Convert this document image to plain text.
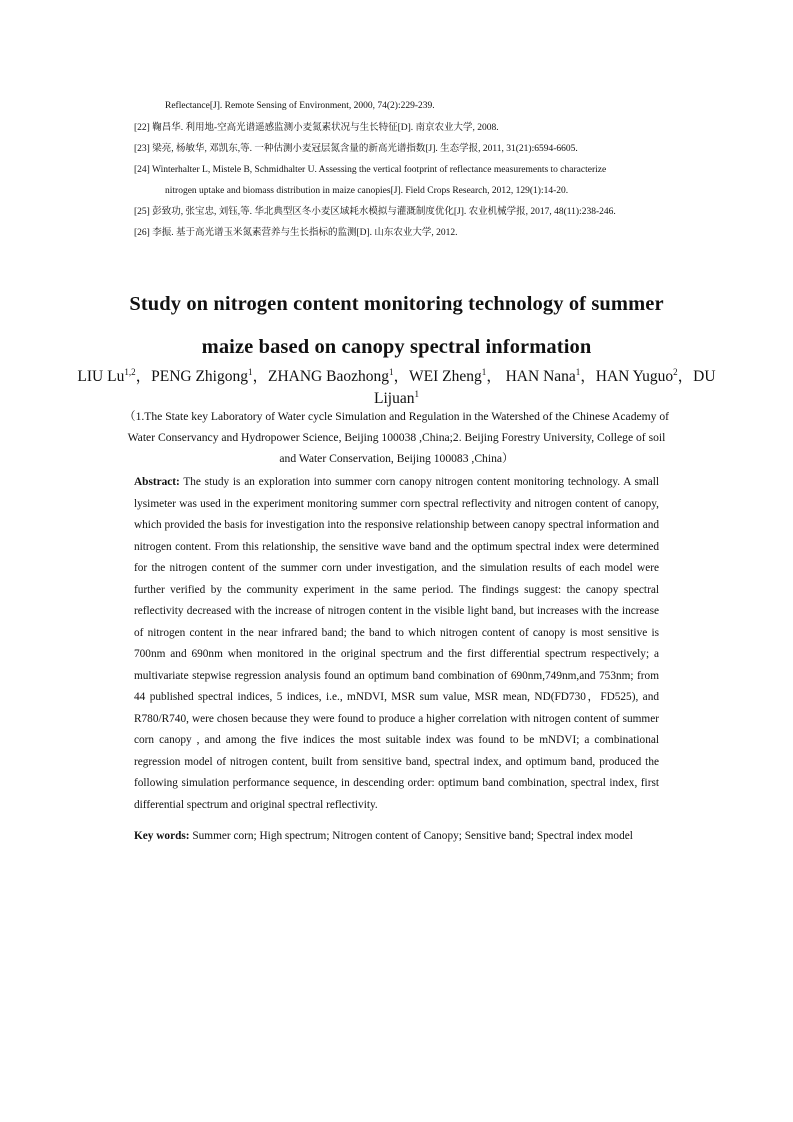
Reflectance[J]. Remote Sensing of Environment, 2000, 74(2):229-239.
[22] 鞠昌华. 利用地-空高光谱遥感监测小麦氮素状况与生长特征[D]. 南京农业大学, 2008.
[23] 梁亮, 杨敏华, 邓凯东,等. 一种估测小麦冠层氮含量的新高光谱指数[J]. 生态学报, 2011, 31(21):6594-6605.
[24] Winterhalter L, Mistele B, Schmidhalter U. Assessing the vertical footprint of reflectance measurements to characterize
nitrogen uptake and biomass distribution in maize canopies[J]. Field Crops Research, 2012, 129(1):14-20.
[25] 彭致功, 张宝忠, 刘钰,等. 华北典型区冬小麦区域耗水模拟与灌溉制度优化[J]. 农业机械学报, 2017, 48(11):238-246.
[26] 李振. 基于高光谱玉米氮素营养与生长指标的监测[D]. 山东农业大学, 2012.
Study on nitrogen content monitoring technology of summer
maize based on canopy spectral information
LIU Lu$^{1,2}$，PENG Zhigong$^1$，ZHANG Baozhong$^1$，WEI Zheng$^1$， HAN Nana$^1$，HAN Yuguo$^2$，DU Lijuan$^1$
（1.The State key Laboratory of Water cycle Simulation and Regulation in the Watershed of the Chinese Academy of Water Conservancy and Hydropower Science, Beijing 100038 ,China;2. Beijing Forestry University, College of soil and Water Conservation, Beijing 100083 ,China）
Abstract: The study is an exploration into summer corn canopy nitrogen content monitoring technology. A small lysimeter was used in the experiment monitoring summer corn spectral reflectivity and nitrogen content of canopy, which provided the basis for investigation into the responsive relationship between canopy spectral information and nitrogen content. From this relationship, the sensitive wave band and the optimum spectral index were determined for the nitrogen content of the summer corn under investigation, and the simulation results of each model were further verified by the community experiment in the same period. The findings suggest: the canopy spectral reflectivity decreased with the increase of nitrogen content in the visible light band, but increases with the increase of nitrogen content in the near infrared band; the band to which nitrogen content of canopy is most sensitive is 700nm and 690nm when monitored in the original spectrum and the first differential spectrum respectively; a multivariate stepwise regression analysis found an optimum band combination of 690nm,749nm,and 753nm; from 44 published spectral indices, 5 indices, i.e., mNDVI, MSR sum value, MSR mean, ND(FD730，FD525), and R780/R740, were chosen because they were found to produce a higher correlation with nitrogen content of summer corn canopy , and among the five indices the most suitable index was found to be mNDVI; a combinational regression model of nitrogen content, built from sensitive band, spectral index, and optimum band, produced the following simulation performance sequence, in descending order: optimum band combination, spectral index, first differential spectrum and original spectral reflectivity.
Key words: Summer corn; High spectrum; Nitrogen content of Canopy; Sensitive band; Spectral index model
